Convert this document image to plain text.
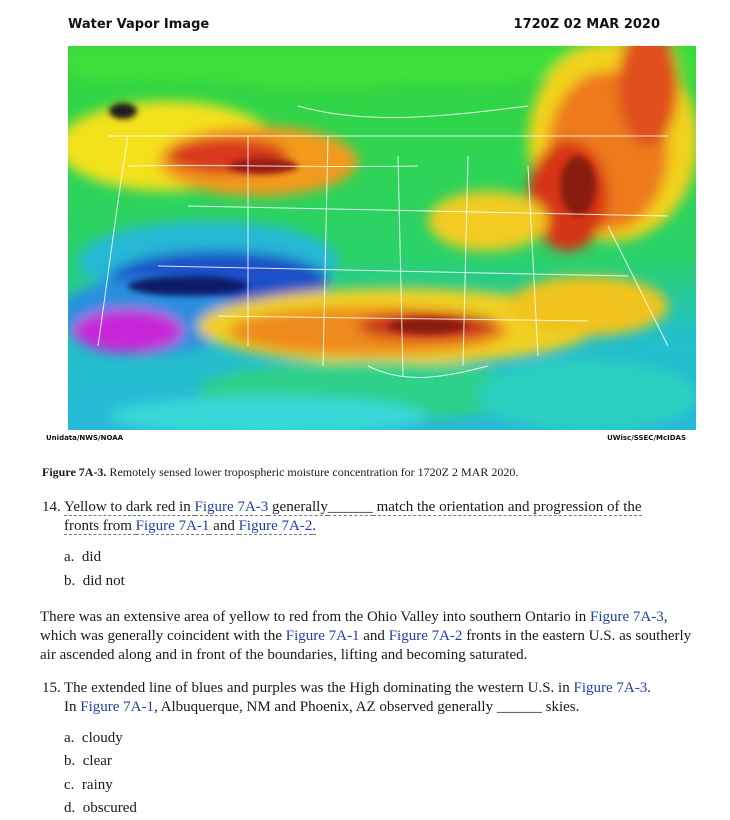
Water Vapor Image	1720Z 02 MAR 2020
Unidata/NWS/NOAA	UWisc/SSEC/McIDAS
Figure 7A-3. Remotely sensed lower tropospheric moisture concentration for 1720Z 2 MAR 2020.
14. Yellow to dark red in Figure 7A-3 generally______ match the orientation and progression of the
fronts from Figure 7A-1 and Figure 7A-2.
a. did
b. did not
There was an extensive area of yellow to red from the Ohio Valley into southern Ontario in Figure 7A-3, which was generally coincident with the Figure 7A-1 and Figure 7A-2 fronts in the eastern U.S. as southerly air ascended along and in front of the boundaries, lifting and becoming saturated.
15. The extended line of blues and purples was the High dominating the western U.S. in Figure 7A-3.
In Figure 7A-1, Albuquerque, NM and Phoenix, AZ observed generally ______ skies.
a. cloudy
b. clear
c. rainy
d. obscured
